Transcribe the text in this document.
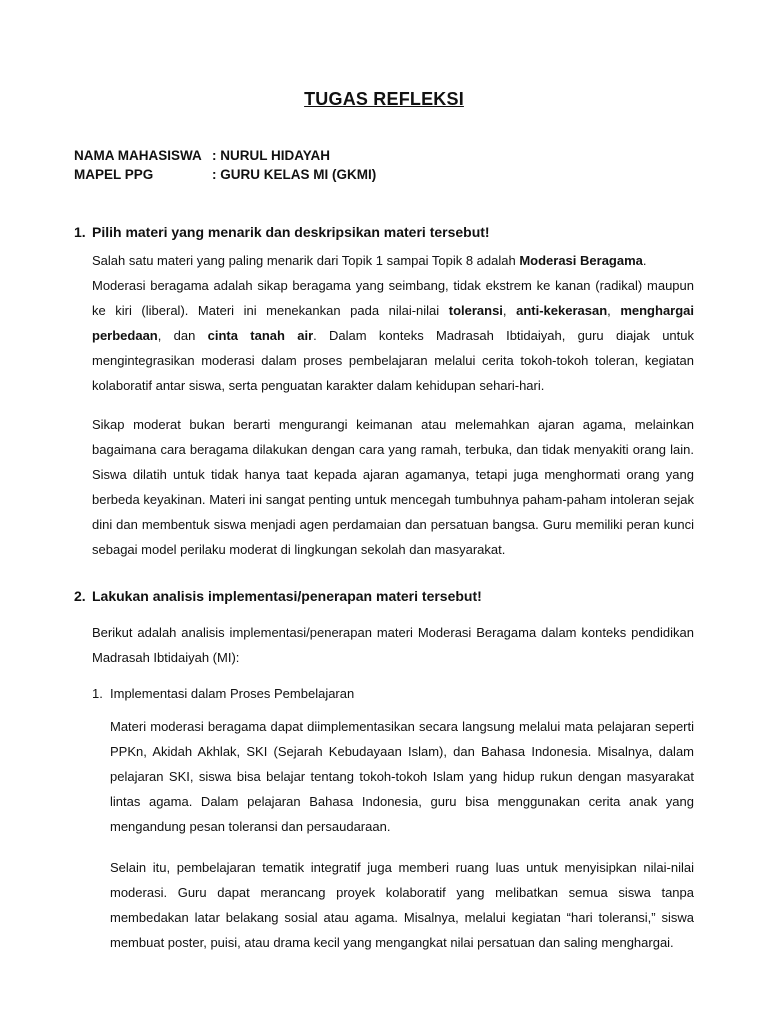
TUGAS REFLEKSI
NAMA MAHASISWA : NURUL HIDAYAH
MAPEL PPG	: GURU KELAS MI (GKMI)
1. Pilih materi yang menarik dan deskripsikan materi tersebut!

Salah satu materi yang paling menarik dari Topik 1 sampai Topik 8 adalah Moderasi Beragama.
Moderasi beragama adalah sikap beragama yang seimbang, tidak ekstrem ke kanan (radikal) maupun ke kiri (liberal). Materi ini menekankan pada nilai-nilai toleransi, anti-kekerasan, menghargai perbedaan, dan cinta tanah air. Dalam konteks Madrasah Ibtidaiyah, guru diajak untuk mengintegrasikan moderasi dalam proses pembelajaran melalui cerita tokoh-tokoh toleran, kegiatan kolaboratif antar siswa, serta penguatan karakter dalam kehidupan sehari-hari.

Sikap moderat bukan berarti mengurangi keimanan atau melemahkan ajaran agama, melainkan bagaimana cara beragama dilakukan dengan cara yang ramah, terbuka, dan tidak menyakiti orang lain. Siswa dilatih untuk tidak hanya taat kepada ajaran agamanya, tetapi juga menghormati orang yang berbeda keyakinan. Materi ini sangat penting untuk mencegah tumbuhnya paham-paham intoleran sejak dini dan membentuk siswa menjadi agen perdamaian dan persatuan bangsa. Guru memiliki peran kunci sebagai model perilaku moderat di lingkungan sekolah dan masyarakat.

2. Lakukan analisis implementasi/penerapan materi tersebut!

Berikut adalah analisis implementasi/penerapan materi Moderasi Beragama dalam konteks pendidikan Madrasah Ibtidaiyah (MI):

1. Implementasi dalam Proses Pembelajaran

Materi moderasi beragama dapat diimplementasikan secara langsung melalui mata pelajaran seperti PPKn, Akidah Akhlak, SKI (Sejarah Kebudayaan Islam), dan Bahasa Indonesia. Misalnya, dalam pelajaran SKI, siswa bisa belajar tentang tokoh-tokoh Islam yang hidup rukun dengan masyarakat lintas agama. Dalam pelajaran Bahasa Indonesia, guru bisa menggunakan cerita anak yang mengandung pesan toleransi dan persaudaraan.

Selain itu, pembelajaran tematik integratif juga memberi ruang luas untuk menyisipkan nilai-nilai moderasi. Guru dapat merancang proyek kolaboratif yang melibatkan semua siswa tanpa membedakan latar belakang sosial atau agama. Misalnya, melalui kegiatan “hari toleransi,” siswa membuat poster, puisi, atau drama kecil yang mengangkat nilai persatuan dan saling menghargai.
